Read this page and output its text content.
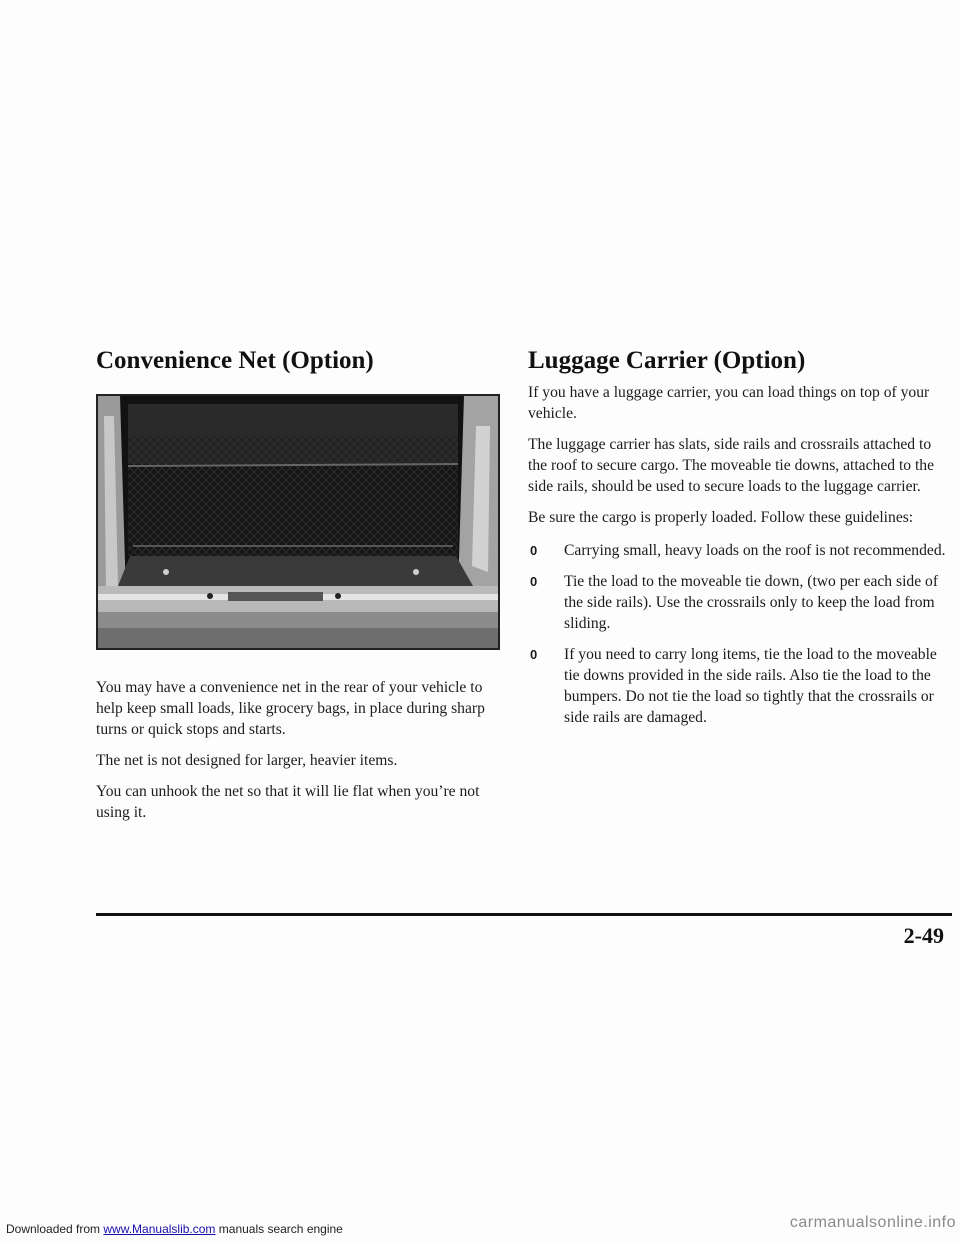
Convenience Net (Option)

You may have a convenience net in the rear of your vehicle to help keep small loads, like grocery bags, in place during sharp turns or quick stops and starts.

The net is not designed for larger, heavier items.

You can unhook the net so that it will lie flat when you’re not using it.

Luggage Carrier (Option)

If you have a luggage carrier, you can load things on top of your vehicle.

The luggage carrier has slats, side rails and crossrails attached to the roof to secure cargo. The moveable tie downs, attached to the side rails, should be used to secure loads to the luggage carrier.

Be sure the cargo is properly loaded. Follow these guidelines:

0 Carrying small, heavy loads on the roof is not recommended.
0 Tie the load to the moveable tie down, (two per each side of the side rails). Use the crossrails only to keep the load from sliding.
0 If you need to carry long items, tie the load to the moveable tie downs provided in the side rails. Also tie the load to the bumpers. Do not tie the load so tightly that the crossrails or side rails are damaged.
2-49
Downloaded from www.Manualslib.com manuals search engine	carmanualsonline.info
